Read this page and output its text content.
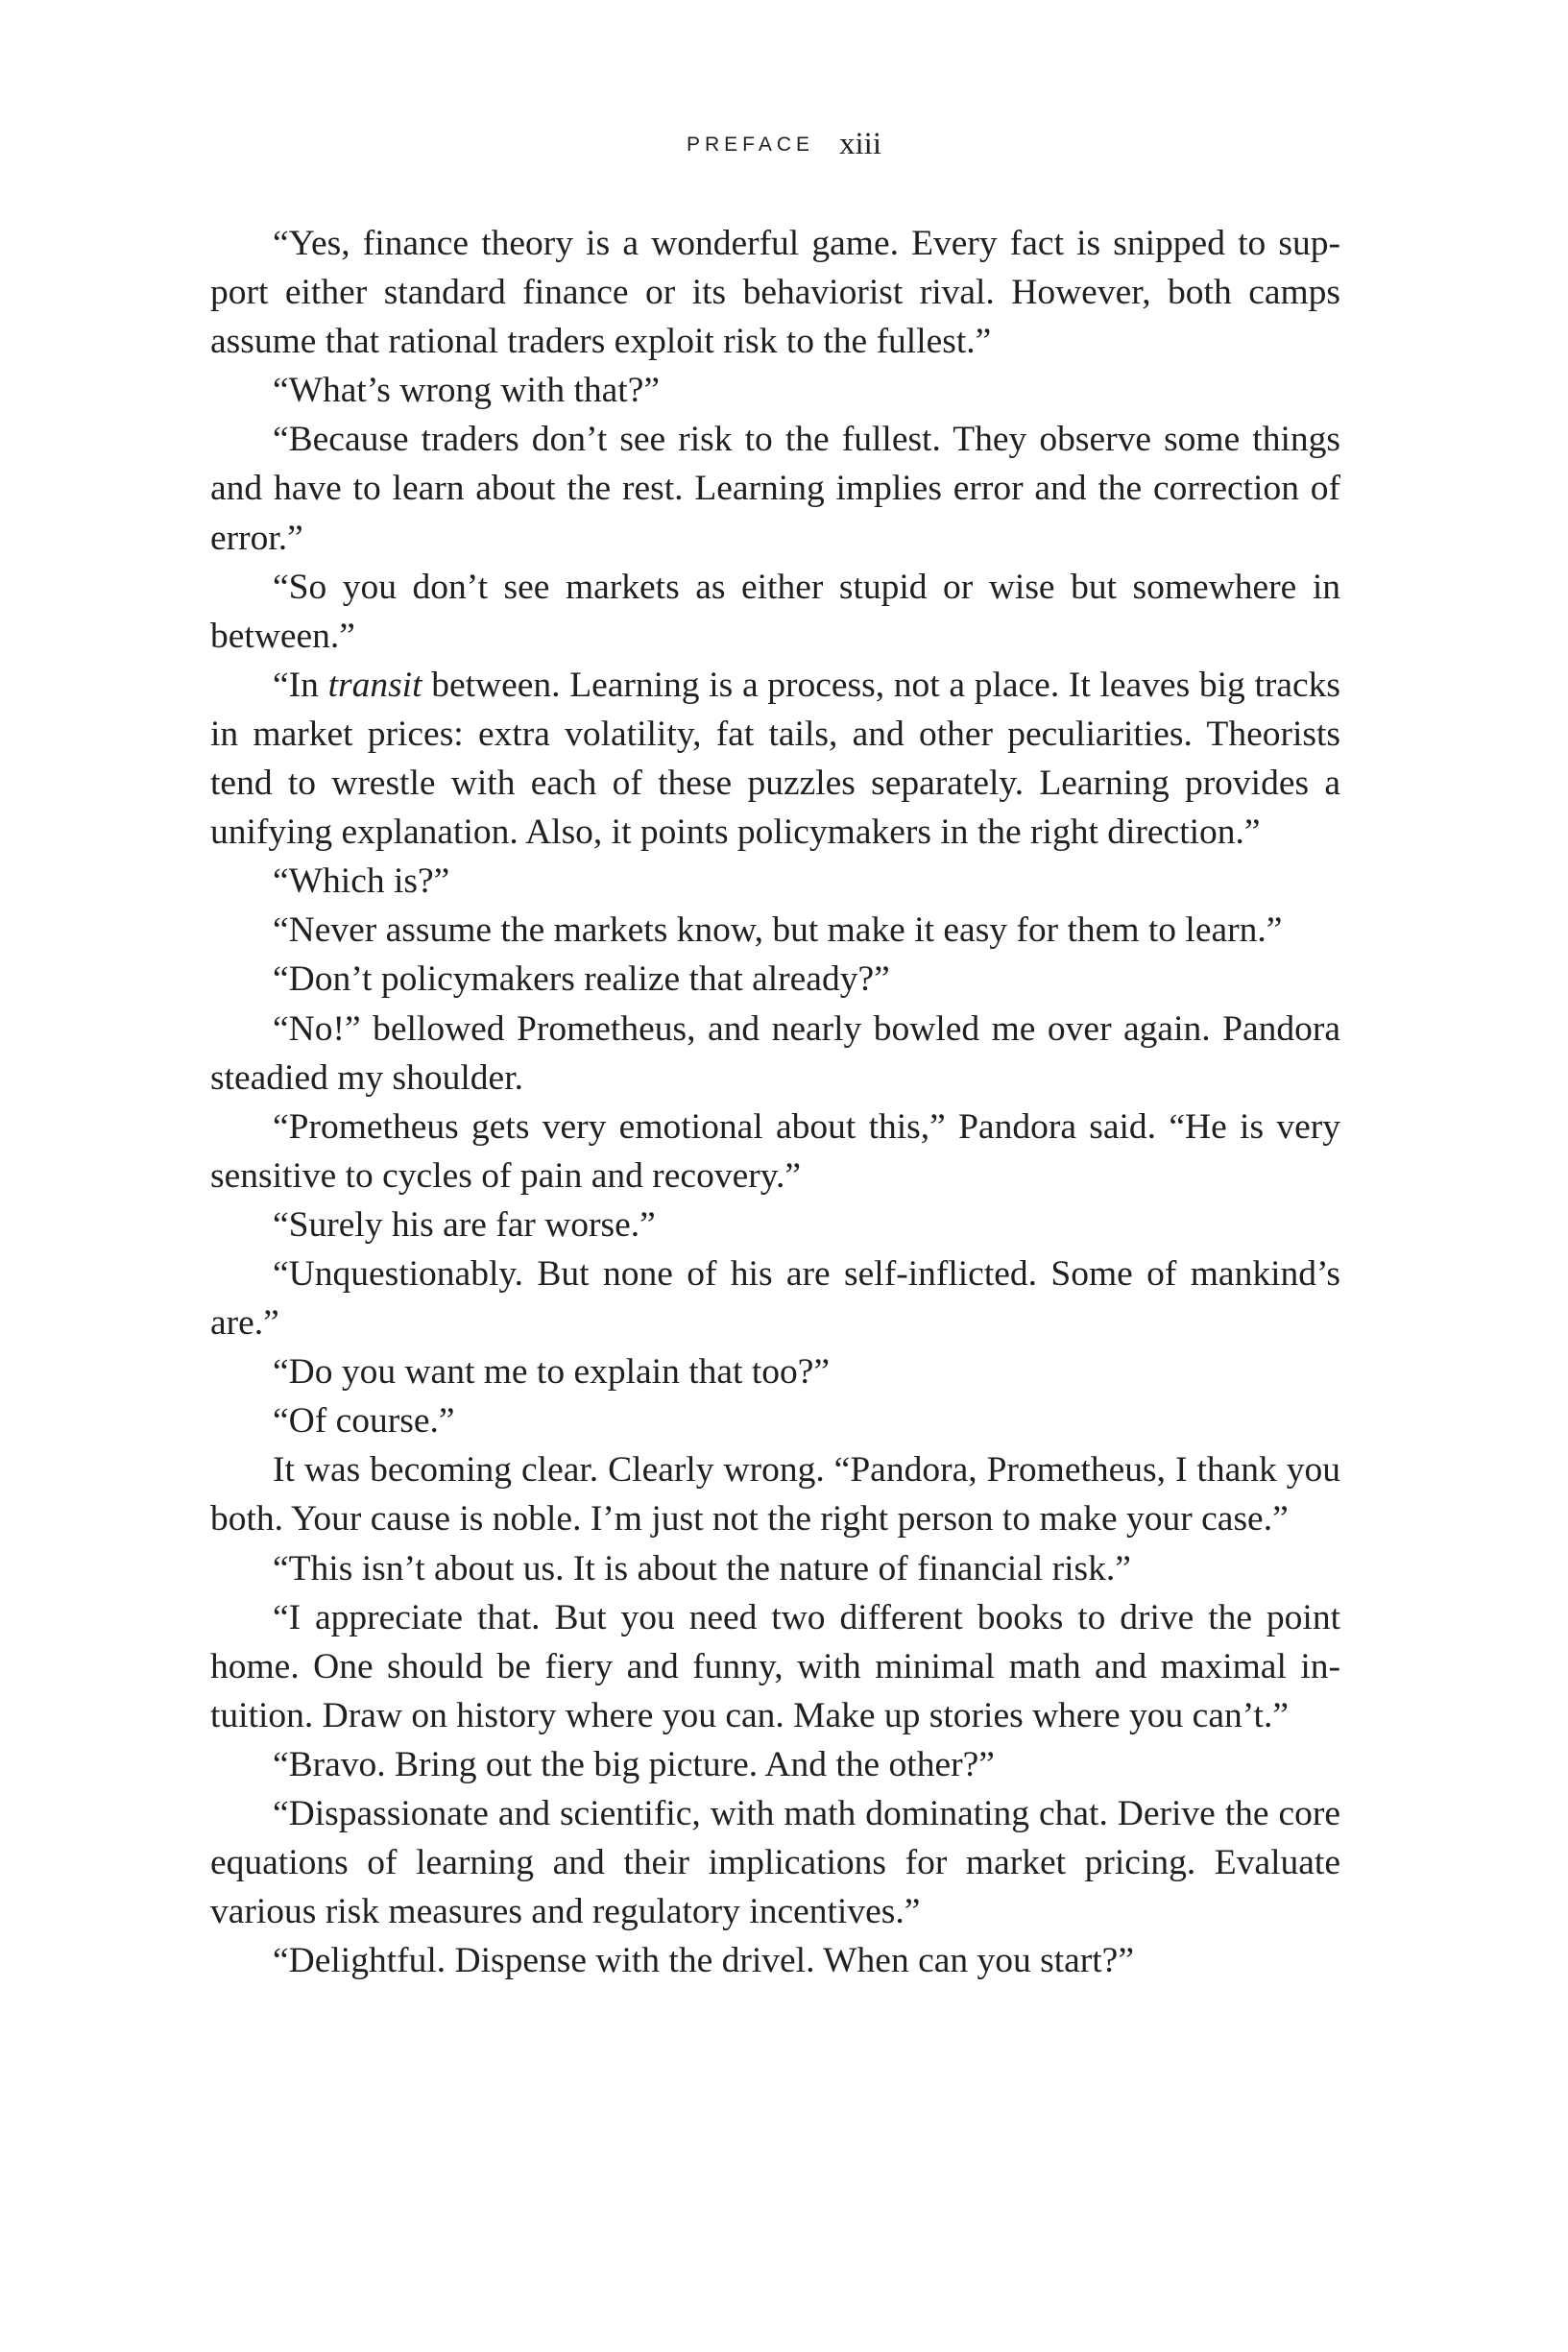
PREFACE xiii

“Yes, finance theory is a wonderful game. Every fact is snipped to support either standard finance or its behaviorist rival. However, both camps assume that rational traders exploit risk to the fullest.”

“What’s wrong with that?”

“Because traders don’t see risk to the fullest. They observe some things and have to learn about the rest. Learning implies error and the correction of error.”

“So you don’t see markets as either stupid or wise but somewhere in between.”

“In transit between. Learning is a process, not a place. It leaves big tracks in market prices: extra volatility, fat tails, and other peculiarities. Theorists tend to wrestle with each of these puzzles separately. Learning provides a unifying explanation. Also, it points policymakers in the right direction.”

“Which is?”

“Never assume the markets know, but make it easy for them to learn.”

“Don’t policymakers realize that already?”

“No!” bellowed Prometheus, and nearly bowled me over again. Pandora steadied my shoulder.

“Prometheus gets very emotional about this,” Pandora said. “He is very sensitive to cycles of pain and recovery.”

“Surely his are far worse.”

“Unquestionably. But none of his are self-inflicted. Some of mankind’s are.”

“Do you want me to explain that too?”

“Of course.”

It was becoming clear. Clearly wrong. “Pandora, Prometheus, I thank you both. Your cause is noble. I’m just not the right person to make your case.”

“This isn’t about us. It is about the nature of financial risk.”

“I appreciate that. But you need two different books to drive the point home. One should be fiery and funny, with minimal math and maximal intuition. Draw on history where you can. Make up stories where you can’t.”

“Bravo. Bring out the big picture. And the other?”

“Dispassionate and scientific, with math dominating chat. Derive the core equations of learning and their implications for market pricing. Evaluate various risk measures and regulatory incentives.”

“Delightful. Dispense with the drivel. When can you start?”
